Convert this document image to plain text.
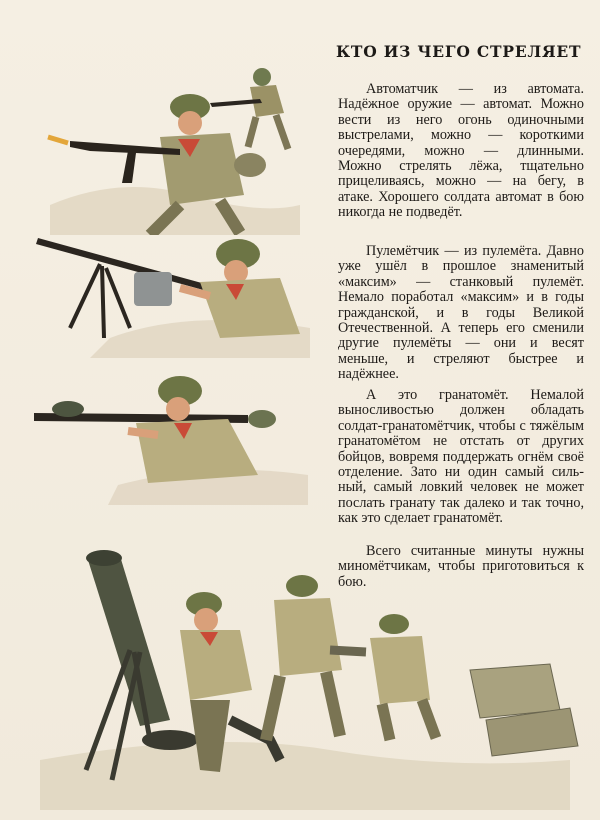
КТО ИЗ ЧЕГО СТРЕЛЯЕТ

Автоматчик — из автомата. Надёжное оружие — автомат. Можно вести из него огонь одиночными выстрелами, можно — короткими очередями, можно — длинными. Можно стрелять лёжа, тщательно прицеливаясь, можно — на бегу, в атаке. Хорошего солдата автомат в бою никогда не подведёт.

Пулемётчик — из пулемёта. Давно уже ушёл в прошлое знаменитый «максим» — станковый пулемёт. Немало поработал «максим» и в годы гражданской, и в годы Великой Отечественной. А теперь его сменили другие пулемёты — они и весят меньше, и стреляют быстрее и надёжнее.

А это гранатомёт. Немалой выносливостью должен обладать солдат-гранатомётчик, чтобы с тяжёлым гранатомётом не отстать от других бойцов, вовремя поддержать огнём своё отделение. Зато ни один самый сильный, самый ловкий человек не может послать гранату так далеко и так точно, как это сделает гранатомёт.

Всего считанные минуты нужны миномётчикам, чтобы приготовиться к бою.
